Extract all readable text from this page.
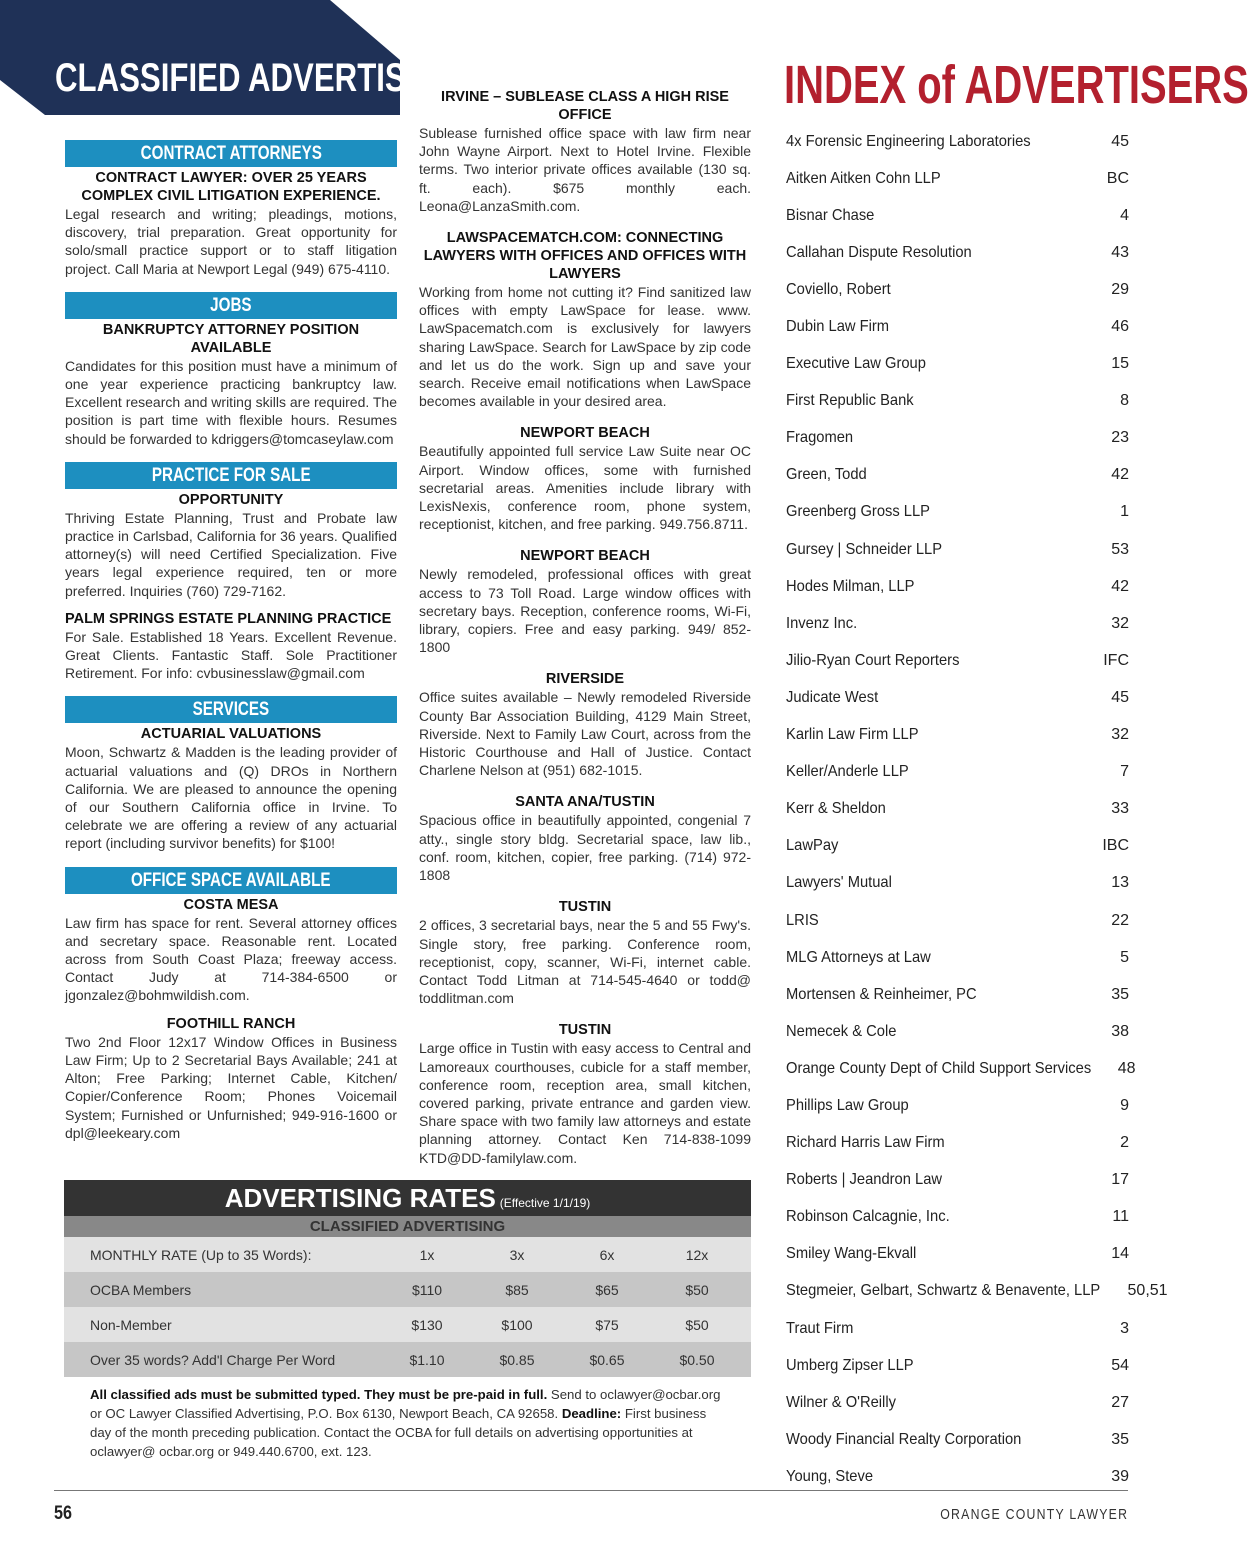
CLASSIFIED ADVERTISING
CONTRACT ATTORNEYS
CONTRACT LAWYER: OVER 25 YEARS COMPLEX CIVIL LITIGATION EXPERIENCE.
Legal research and writing; pleadings, motions, discovery, trial preparation. Great opportunity for solo/small practice support or to staff litigation project. Call Maria at Newport Legal (949) 675-4110.
JOBS
BANKRUPTCY ATTORNEY POSITION AVAILABLE
Candidates for this position must have a minimum of one year experience practicing bankruptcy law. Excellent research and writing skills are required. The position is part time with flexible hours. Resumes should be forwarded to kdriggers@tomcaseylaw.com
PRACTICE FOR SALE
OPPORTUNITY
Thriving Estate Planning, Trust and Probate law practice in Carlsbad, California for 36 years. Qualified attorney(s) will need Certified Specialization. Five years legal experience required, ten or more preferred. Inquiries (760) 729-7162.
PALM SPRINGS ESTATE PLANNING PRACTICE
For Sale. Established 18 Years. Excellent Revenue. Great Clients. Fantastic Staff. Sole Practitioner Retirement. For info: cvbusinesslaw@gmail.com
SERVICES
ACTUARIAL VALUATIONS
Moon, Schwartz & Madden is the leading provider of actuarial valuations and (Q) DROs in Northern California. We are pleased to announce the opening of our Southern California office in Irvine. To celebrate we are offering a review of any actuarial report (including survivor benefits) for $100!
OFFICE SPACE AVAILABLE
COSTA MESA
Law firm has space for rent. Several attorney offices and secretary space. Reasonable rent. Located across from South Coast Plaza; freeway access. Contact Judy at 714-384-6500 or jgonzalez@bohmwildish.com.
FOOTHILL RANCH
Two 2nd Floor 12x17 Window Offices in Business Law Firm; Up to 2 Secretarial Bays Available; 241 at Alton; Free Parking; Internet Cable, Kitchen/ Copier/Conference Room; Phones Voicemail System; Furnished or Unfurnished; 949-916-1600 or dpl@leekeary.com
IRVINE – SUBLEASE CLASS A HIGH RISE OFFICE
Sublease furnished office space with law firm near John Wayne Airport. Next to Hotel Irvine. Flexible terms. Two interior private offices available (130 sq. ft. each). $675 monthly each. Leona@LanzaSmith.com.
LAWSPACEMATCH.COM: CONNECTING LAWYERS WITH OFFICES AND OFFICES WITH LAWYERS
Working from home not cutting it? Find sanitized law offices with empty LawSpace for lease. www. LawSpacematch.com is exclusively for lawyers sharing LawSpace. Search for LawSpace by zip code and let us do the work. Sign up and save your search. Receive email notifications when LawSpace becomes available in your desired area.
NEWPORT BEACH
Beautifully appointed full service Law Suite near OC Airport. Window offices, some with furnished secretarial areas. Amenities include library with LexisNexis, conference room, phone system, receptionist, kitchen, and free parking. 949.756.8711.
NEWPORT BEACH
Newly remodeled, professional offices with great access to 73 Toll Road. Large window offices with secretary bays. Reception, conference rooms, Wi-Fi, library, copiers. Free and easy parking. 949/ 852-1800
RIVERSIDE
Office suites available – Newly remodeled Riverside County Bar Association Building, 4129 Main Street, Riverside. Next to Family Law Court, across from the Historic Courthouse and Hall of Justice. Contact Charlene Nelson at (951) 682-1015.
SANTA ANA/TUSTIN
Spacious office in beautifully appointed, congenial 7 atty., single story bldg. Secretarial space, law lib., conf. room, kitchen, copier, free parking. (714) 972-1808
TUSTIN
2 offices, 3 secretarial bays, near the 5 and 55 Fwy's. Single story, free parking. Conference room, receptionist, copy, scanner, Wi-Fi, internet cable. Contact Todd Litman at 714-545-4640 or todd@ toddlitman.com
TUSTIN
Large office in Tustin with easy access to Central and Lamoreaux courthouses, cubicle for a staff member, conference room, reception area, small kitchen, covered parking, private entrance and garden view. Share space with two family law attorneys and estate planning attorney. Contact Ken 714-838-1099 KTD@DD-familylaw.com.
ADVERTISING RATES (Effective 1/1/19)
CLASSIFIED ADVERTISING
MONTHLY RATE (Up to 35 Words):	1x	3x	6x	12x
OCBA Members	$110	$85	$65	$50
Non-Member	$130	$100	$75	$50
Over 35 words? Add'l Charge Per Word	$1.10	$0.85	$0.65	$0.50
All classified ads must be submitted typed. They must be pre-paid in full. Send to oclawyer@ocbar.org or OC Lawyer Classified Advertising, P.O. Box 6130, Newport Beach, CA 92658. Deadline: First business day of the month preceding publication. Contact the OCBA for full details on advertising opportunities at oclawyer@ ocbar.org or 949.440.6700, ext. 123.
INDEX of ADVERTISERS
4x Forensic Engineering Laboratories	45
Aitken Aitken Cohn LLP	BC
Bisnar Chase	4
Callahan Dispute Resolution	43
Coviello, Robert	29
Dubin Law Firm	46
Executive Law Group	15
First Republic Bank	8
Fragomen	23
Green, Todd	42
Greenberg Gross LLP	1
Gursey | Schneider LLP	53
Hodes Milman, LLP	42
Invenz Inc.	32
Jilio-Ryan Court Reporters	IFC
Judicate West	45
Karlin Law Firm LLP	32
Keller/Anderle LLP	7
Kerr & Sheldon	33
LawPay	IBC
Lawyers' Mutual	13
LRIS	22
MLG Attorneys at Law	5
Mortensen & Reinheimer, PC	35
Nemecek & Cole	38
Orange County Dept of Child Support Services 48
Phillips Law Group	9
Richard Harris Law Firm	2
Roberts | Jeandron Law	17
Robinson Calcagnie, Inc.	11
Smiley Wang-Ekvall	14
Stegmeier, Gelbart, Schwartz & Benavente, LLP 50,51
Traut Firm	3
Umberg Zipser LLP	54
Wilner & O'Reilly	27
Woody Financial Realty Corporation	35
Young, Steve	39
56	ORANGE COUNTY LAWYER
